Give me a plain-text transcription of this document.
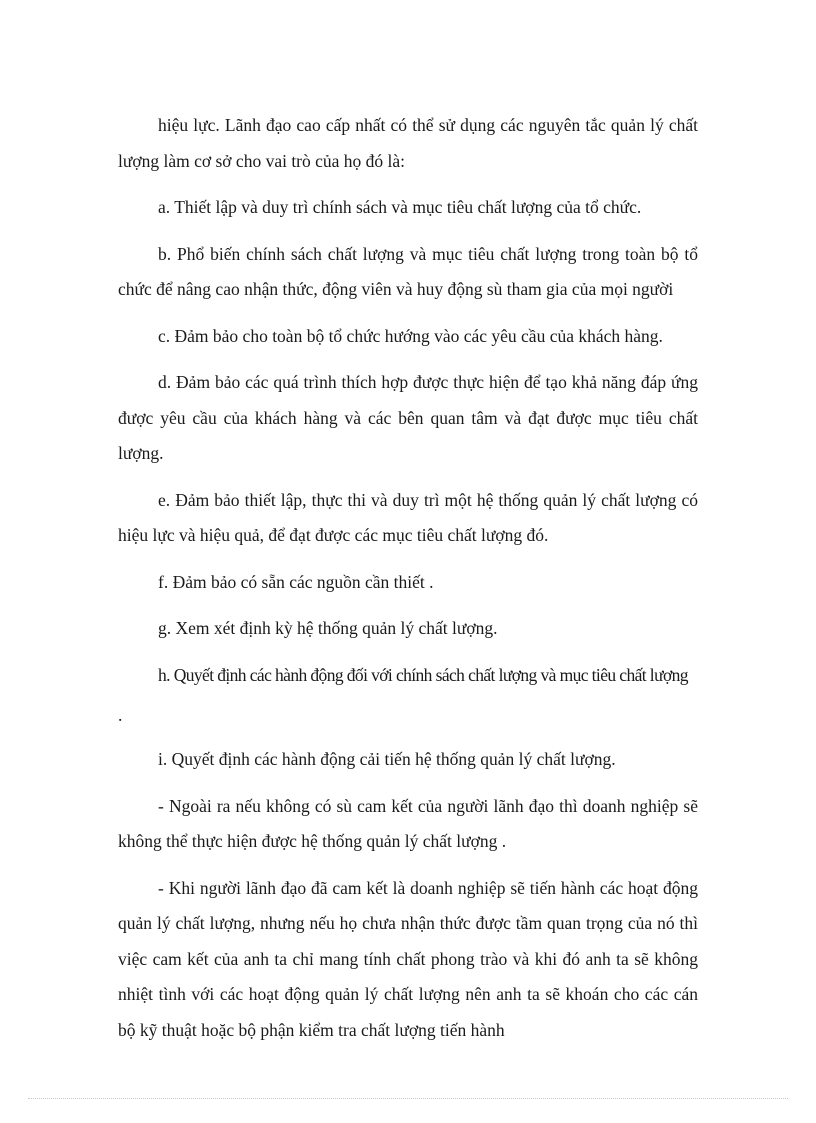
hiệu lực. Lãnh đạo cao cấp nhất có thể sử dụng các nguyên tắc quản lý chất lượng làm cơ sở cho vai trò của họ đó là:

a. Thiết lập và duy trì chính sách và mục tiêu chất lượng của tổ chức.

b. Phổ biến chính sách chất lượng và mục tiêu chất lượng trong toàn bộ tổ chức để nâng cao nhận thức, động viên và huy động sù tham gia của mọi người

c. Đảm bảo cho toàn bộ tổ chức hướng vào các yêu cầu của khách hàng.

d. Đảm bảo các quá trình thích hợp được thực hiện để tạo khả năng đáp ứng được yêu cầu của khách hàng và các bên quan tâm và đạt được mục tiêu chất lượng.

e. Đảm bảo thiết lập, thực thi và duy trì một hệ thống quản lý chất lượng có hiệu lực và hiệu quả, để đạt được các mục tiêu chất lượng đó.

f. Đảm bảo có sẵn các nguồn cần thiết .

g. Xem xét định kỳ hệ thống quản lý chất lượng.

h. Quyết định các hành động đối với chính sách chất lượng và mục tiêu chất lượng

.

i. Quyết định các hành động cải tiến hệ thống quản lý chất lượng.

- Ngoài ra nếu không có sù cam kết của người lãnh đạo thì doanh nghiệp sẽ không thể thực hiện được hệ thống quản lý chất lượng .

- Khi người lãnh đạo đã cam kết là doanh nghiệp sẽ tiến hành các hoạt động quản lý chất lượng, nhưng nếu họ chưa nhận thức được tầm quan trọng của nó thì việc cam kết của anh ta chỉ mang tính chất phong trào và khi đó anh ta sẽ không nhiệt tình với các hoạt động quản lý chất lượng nên anh ta sẽ khoán cho các cán bộ kỹ thuật hoặc bộ phận kiểm tra chất lượng tiến hành
